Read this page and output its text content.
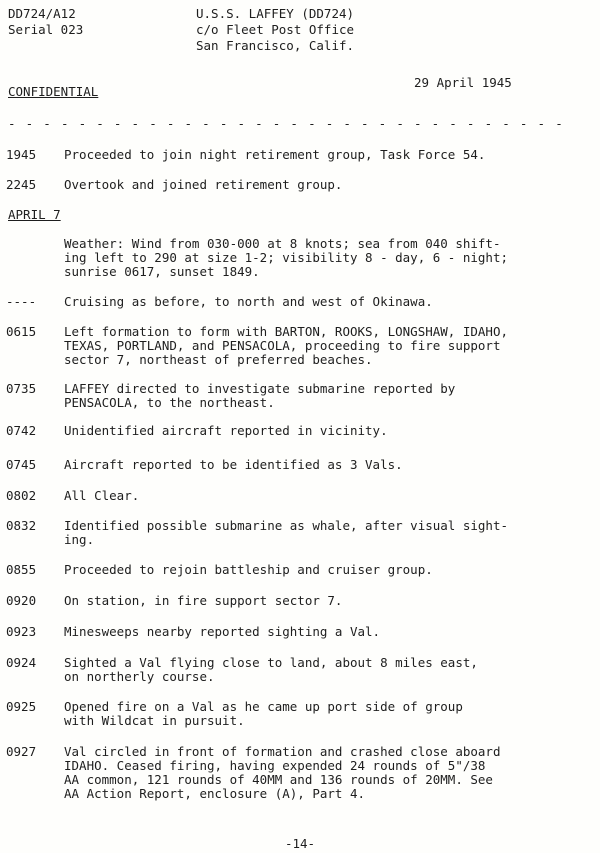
DD724/A12
Serial 023
U.S.S. LAFFEY (DD724)
c/o Fleet Post Office
San Francisco, Calif.
29 April 1945
CONFIDENTIAL
- - - - - - - - - - - - - - - - - - - - - - - - - - - - - - - -
1945 Proceeded to join night retirement group, Task Force 54.
2245 Overtook and joined retirement group.
APRIL 7
Weather: Wind from 030-000 at 8 knots; sea from 040 shift-
ing left to 290 at size 1-2; visibility 8 - day, 6 - night;
sunrise 0617, sunset 1849.
---- Cruising as before, to north and west of Okinawa.
0615 Left formation to form with BARTON, ROOKS, LONGSHAW, IDAHO,
TEXAS, PORTLAND, and PENSACOLA, proceeding to fire support
sector 7, northeast of preferred beaches.
0735 LAFFEY directed to investigate submarine reported by
PENSACOLA, to the northeast.
0742 Unidentified aircraft reported in vicinity.
0745 Aircraft reported to be identified as 3 Vals.
0802 All Clear.
0832 Identified possible submarine as whale, after visual sight-
ing.
0855 Proceeded to rejoin battleship and cruiser group.
0920 On station, in fire support sector 7.
0923 Minesweeps nearby reported sighting a Val.
0924 Sighted a Val flying close to land, about 8 miles east,
on northerly course.
0925 Opened fire on a Val as he came up port side of group
with Wildcat in pursuit.
0927 Val circled in front of formation and crashed close aboard
IDAHO. Ceased firing, having expended 24 rounds of 5"/38
AA common, 121 rounds of 40MM and 136 rounds of 20MM. See
AA Action Report, enclosure (A), Part 4.
-14-
